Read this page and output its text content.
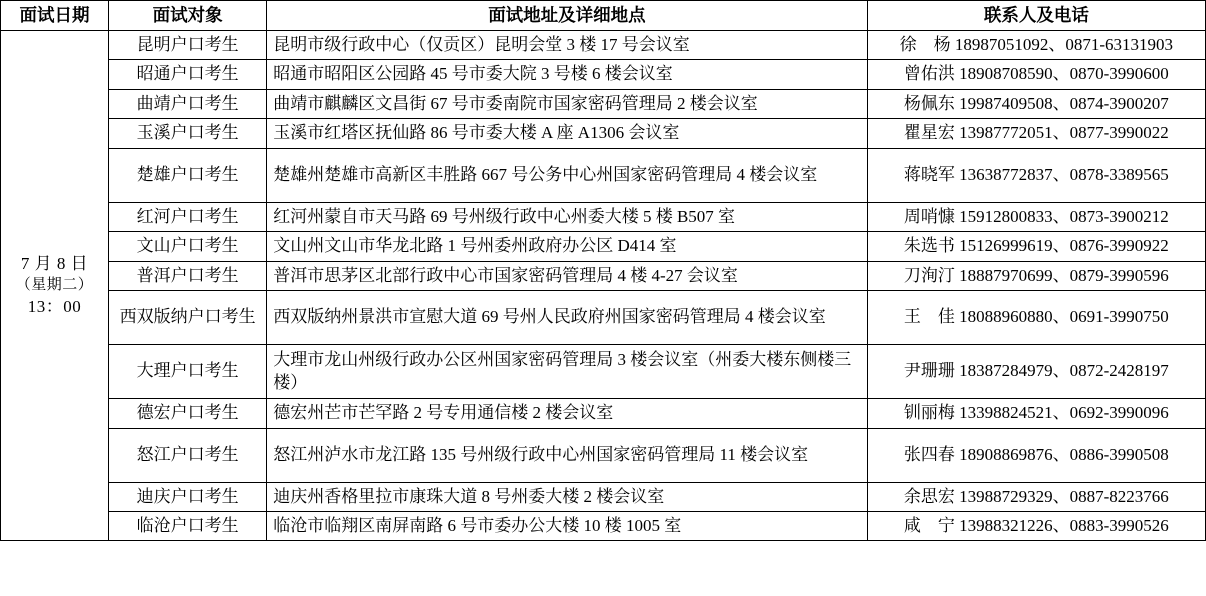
面试日期	面试对象	面试地址及详细地点	联系人及电话

7 月 8 日
（星期二）
13：00	昆明户口考生	昆明市级行政中心（仅贡区）昆明会堂 3 楼 17 号会议室	徐　杨 18987051092、0871-63131903
	昭通户口考生	昭通市昭阳区公园路 45 号市委大院 3 号楼 6 楼会议室	曾佑洪 18908708590、0870-3990600
	曲靖户口考生	曲靖市麒麟区文昌街 67 号市委南院市国家密码管理局 2 楼会议室	杨佩东 19987409508、0874-3900207
	玉溪户口考生	玉溪市红塔区抚仙路 86 号市委大楼 A 座 A1306 会议室	瞿星宏 13987772051、0877-3990022
	楚雄户口考生	楚雄州楚雄市高新区丰胜路 667 号公务中心州国家密码管理局 4 楼会议室	蒋晓军 13638772837、0878-3389565
	红河户口考生	红河州蒙自市天马路 69 号州级行政中心州委大楼 5 楼 B507 室	周哨慷 15912800833、0873-3900212
	文山户口考生	文山州文山市华龙北路 1 号州委州政府办公区 D414 室	朱选书 15126999619、0876-3990922
	普洱户口考生	普洱市思茅区北部行政中心市国家密码管理局 4 楼 4-27 会议室	刀洵汀 18887970699、0879-3990596
	西双版纳户口考生	西双版纳州景洪市宣慰大道 69 号州人民政府州国家密码管理局 4 楼会议室	王　佳 18088960880、0691-3990750
	大理户口考生	大理市龙山州级行政办公区州国家密码管理局 3 楼会议室（州委大楼东侧楼三楼）	尹珊珊 18387284979、0872-2428197
	德宏户口考生	德宏州芒市芒罕路 2 号专用通信楼 2 楼会议室	钏丽梅 13398824521、0692-3990096
	怒江户口考生	怒江州泸水市龙江路 135 号州级行政中心州国家密码管理局 11 楼会议室	张四春 18908869876、0886-3990508
	迪庆户口考生	迪庆州香格里拉市康珠大道 8 号州委大楼 2 楼会议室	余思宏 13988729329、0887-8223766
	临沧户口考生	临沧市临翔区南屏南路 6 号市委办公大楼 10 楼 1005 室	咸　宁 13988321226、0883-3990526
